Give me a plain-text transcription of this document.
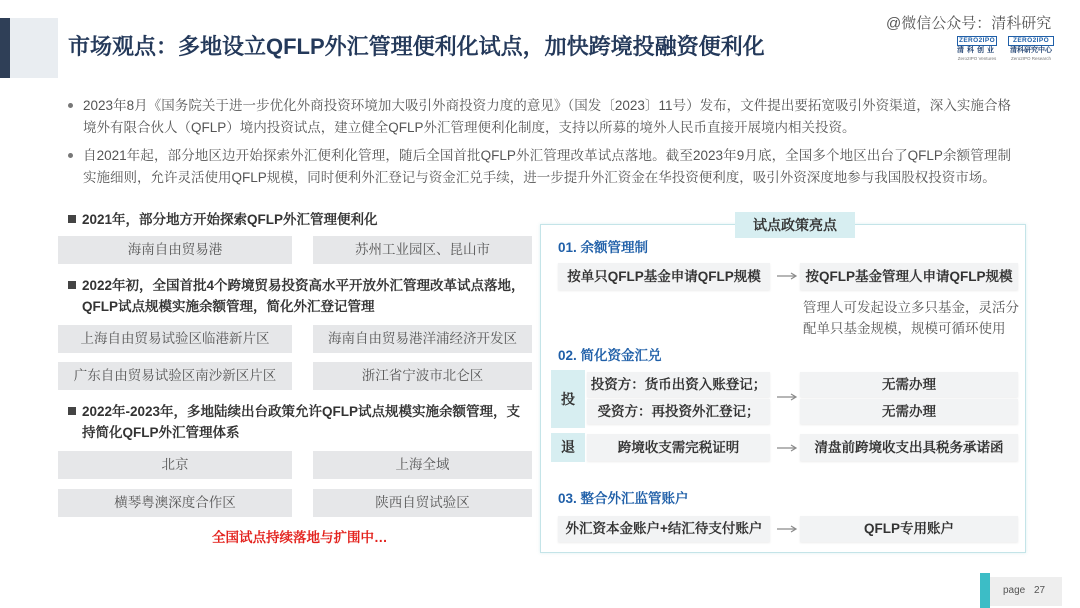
市场观点：多地设立QFLP外汇管理便利化试点，加快跨境投融资便利化
@微信公众号：清科研究
ZERO2IPO
清科创业
Zero2IPO Ventures
ZERO2IPO
清科研究中心
Zero2IPO Research
2023年8月《国务院关于进一步优化外商投资环境加大吸引外商投资力度的意见》（国发〔2023〕11号）发布，文件提出要拓宽吸引外资渠道，深入实施合格境外有限合伙人（QFLP）境内投资试点，建立健全QFLP外汇管理便利化制度，支持以所募的境外人民币直接开展境内相关投资。
自2021年起，部分地区边开始探索外汇便利化管理，随后全国首批QFLP外汇管理改革试点落地。截至2023年9月底，全国多个地区出台了QFLP余额管理制实施细则，允许灵活使用QFLP规模，同时便利外汇登记与资金汇兑手续，进一步提升外汇资金在华投资便利度，吸引外资深度地参与我国股权投资市场。
2021年，部分地方开始探索QFLP外汇管理便利化
海南自由贸易港	苏州工业园区、昆山市
2022年初，全国首批4个跨境贸易投资高水平开放外汇管理改革试点落地，QFLP试点规模实施余额管理，简化外汇登记管理
上海自由贸易试验区临港新片区	海南自由贸易港洋浦经济开发区
广东自由贸易试验区南沙新区片区	浙江省宁波市北仑区
2022年-2023年，多地陆续出台政策允许QFLP试点规模实施余额管理，支持简化QFLP外汇管理体系
北京	上海全域
横琴粤澳深度合作区	陕西自贸试验区
全国试点持续落地与扩围中…
试点政策亮点
01. 余额管理制
按单只QFLP基金申请QFLP规模	按QFLP基金管理人申请QFLP规模
管理人可发起设立多只基金，灵活分配单只基金规模，规模可循环使用
02. 简化资金汇兑
投
投资方：货币出资入账登记；	无需办理
受资方：再投资外汇登记；	无需办理
退	跨境收支需完税证明	清盘前跨境收支出具税务承诺函
03. 整合外汇监管账户
外汇资本金账户+结汇待支付账户	QFLP专用账户
page 27
